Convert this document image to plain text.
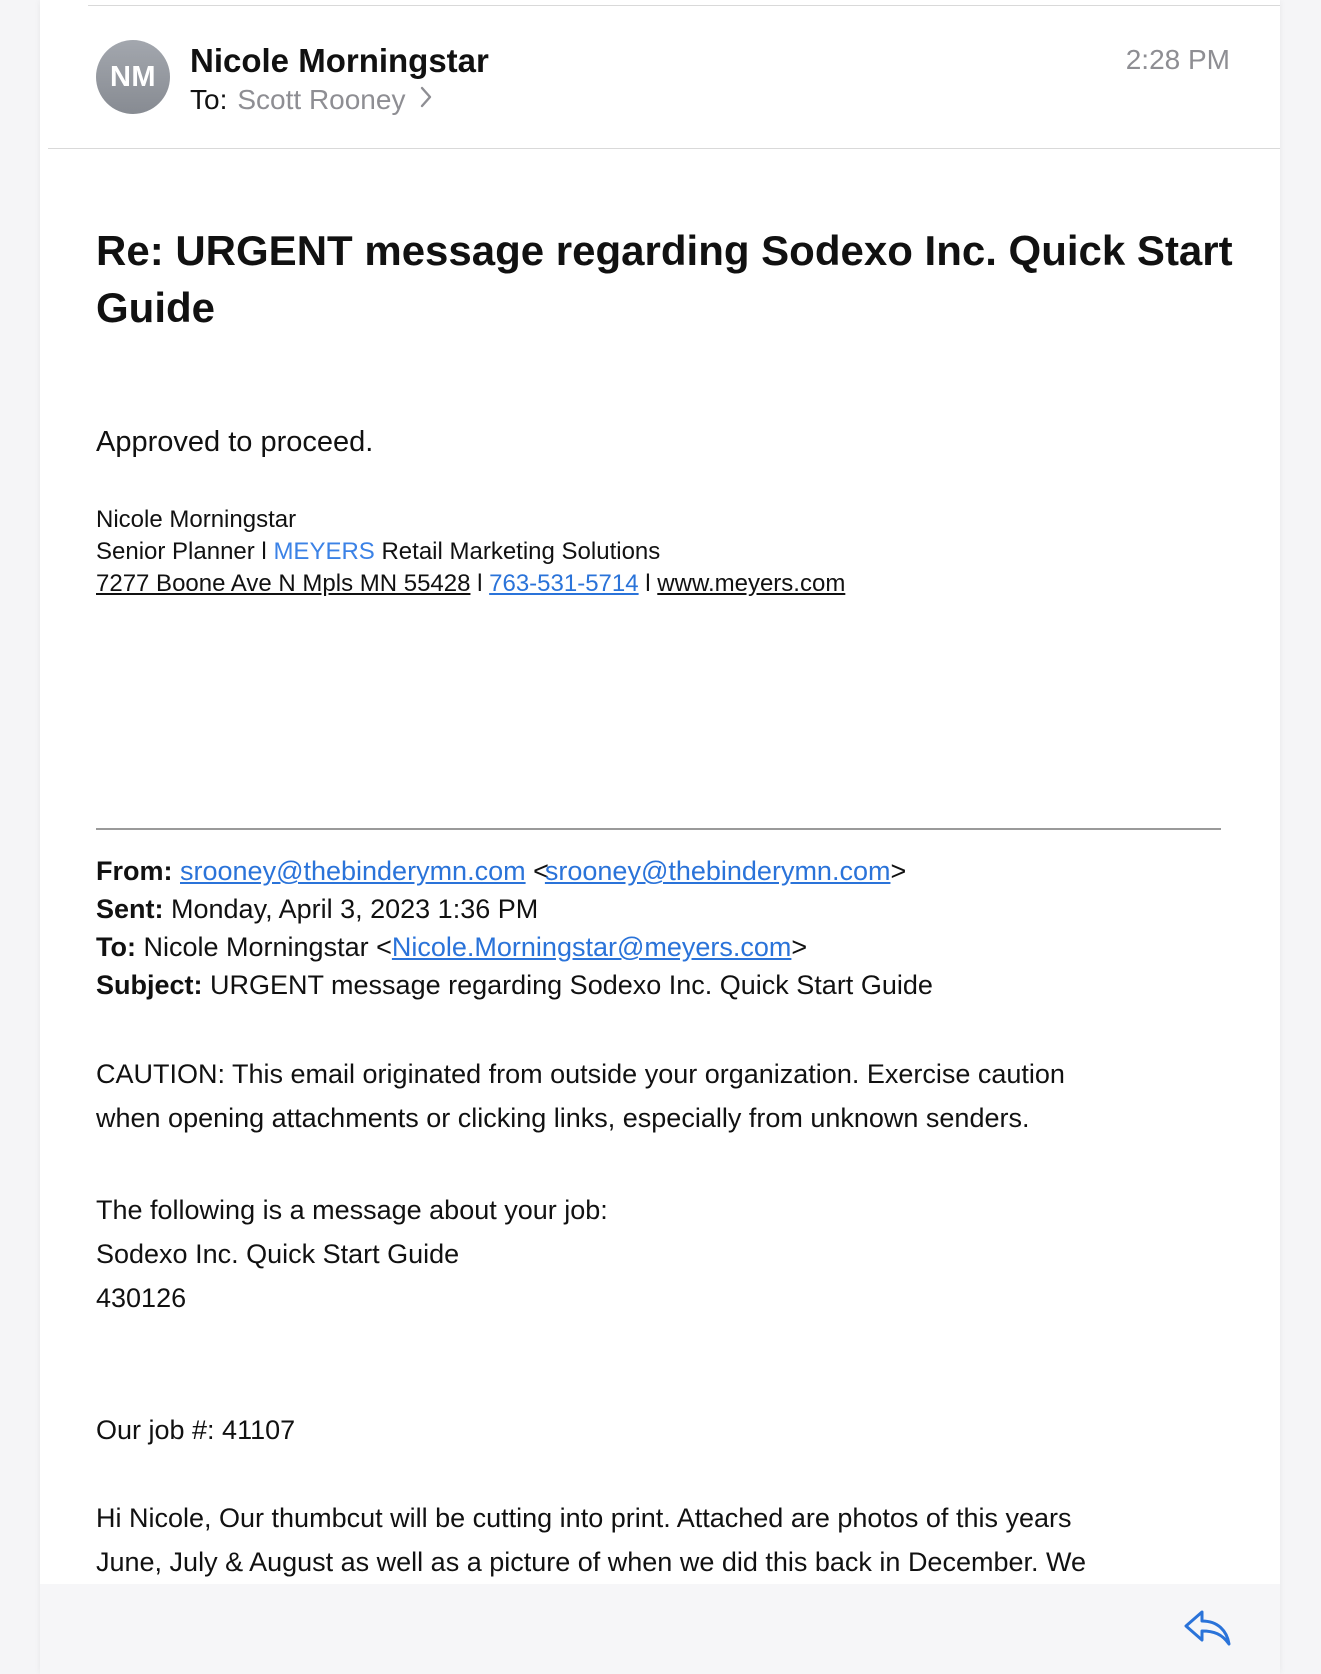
NM	Nicole Morningstar
To: Scott Rooney
2:28 PM
Re: URGENT message regarding Sodexo Inc. Quick Start Guide
Approved to proceed.
Nicole Morningstar
Senior Planner l MEYERS Retail Marketing Solutions
7277 Boone Ave N Mpls MN 55428 l 763-531-5714 l www.meyers.com
From: srooney@thebinderymn.com <srooney@thebinderymn.com>
Sent: Monday, April 3, 2023 1:36 PM
To: Nicole Morningstar <Nicole.Morningstar@meyers.com>
Subject: URGENT message regarding Sodexo Inc. Quick Start Guide
CAUTION: This email originated from outside your organization. Exercise caution
when opening attachments or clicking links, especially from unknown senders.
The following is a message about your job:
Sodexo Inc. Quick Start Guide
430126
Our job #: 41107
Hi Nicole, Our thumbcut will be cutting into print. Attached are photos of this years
June, July & August as well as a picture of when we did this back in December. We
